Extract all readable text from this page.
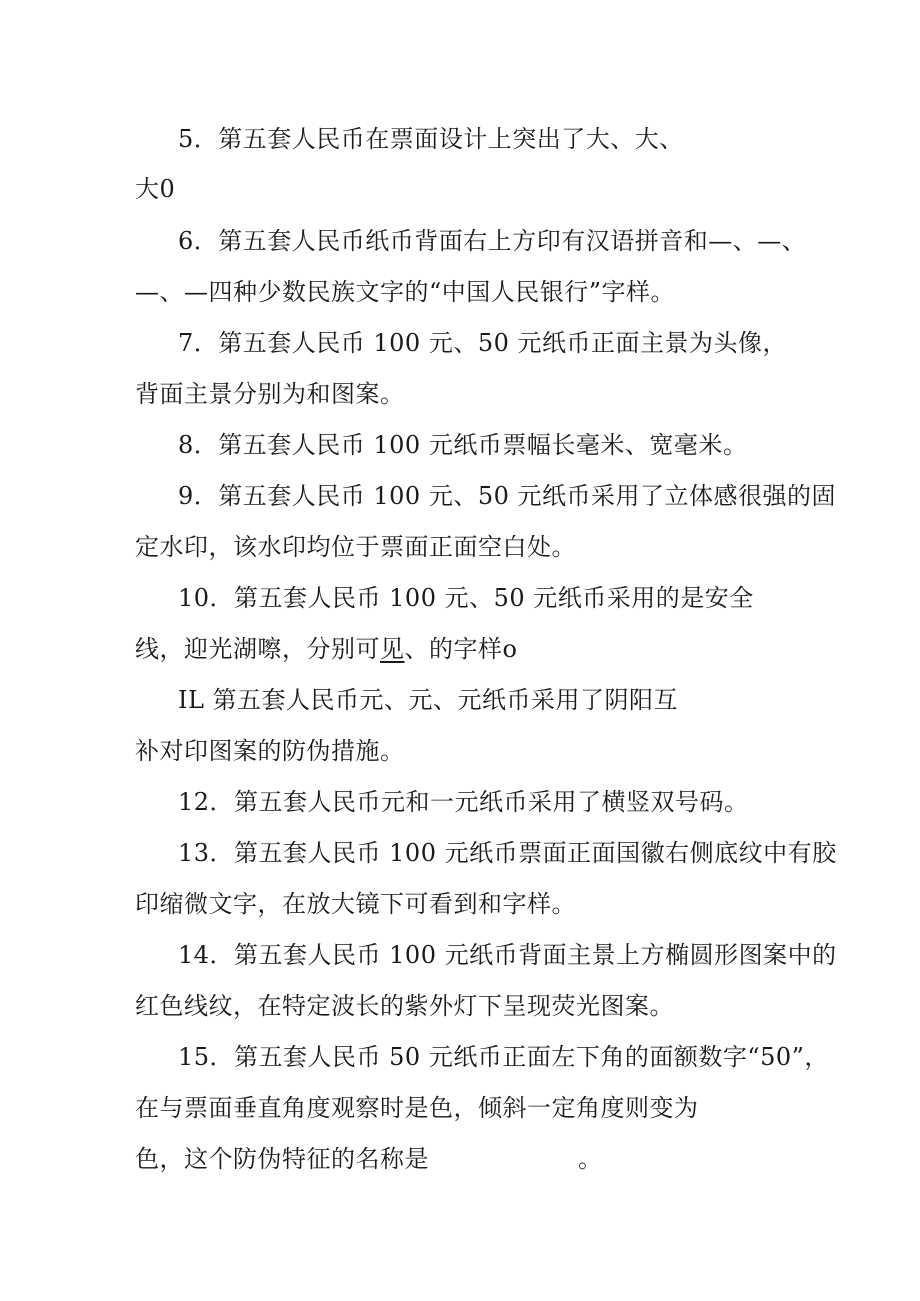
5．第五套人民币在票面设计上突出了大、大、
大0
6．第五套人民币纸币背面右上方印有汉语拼音和—、—、
—、—四种少数民族文字的“中国人民银行”字样。
7．第五套人民币 100 元、50 元纸币正面主景为头像，
背面主景分别为和图案。
8．第五套人民币 100 元纸币票幅长毫米、宽毫米。
9．第五套人民币 100 元、50 元纸币采用了立体感很强的固
定水印，该水印均位于票面正面空白处。
10．第五套人民币 100 元、50 元纸币采用的是安全
线，迎光湖嚓，分别可见、的字样o
IL 第五套人民币元、元、元纸币采用了阴阳互
补对印图案的防伪措施。
12．第五套人民币元和一元纸币采用了横竖双号码。
13．第五套人民币 100 元纸币票面正面国徽右侧底纹中有胶
印缩微文字，在放大镜下可看到和字样。
14．第五套人民币 100 元纸币背面主景上方椭圆形图案中的
红色线纹，在特定波长的紫外灯下呈现荧光图案。
15．第五套人民币 50 元纸币正面左下角的面额数字“50”，
在与票面垂直角度观察时是色，倾斜一定角度则变为
色，这个防伪特征的名称是	。
